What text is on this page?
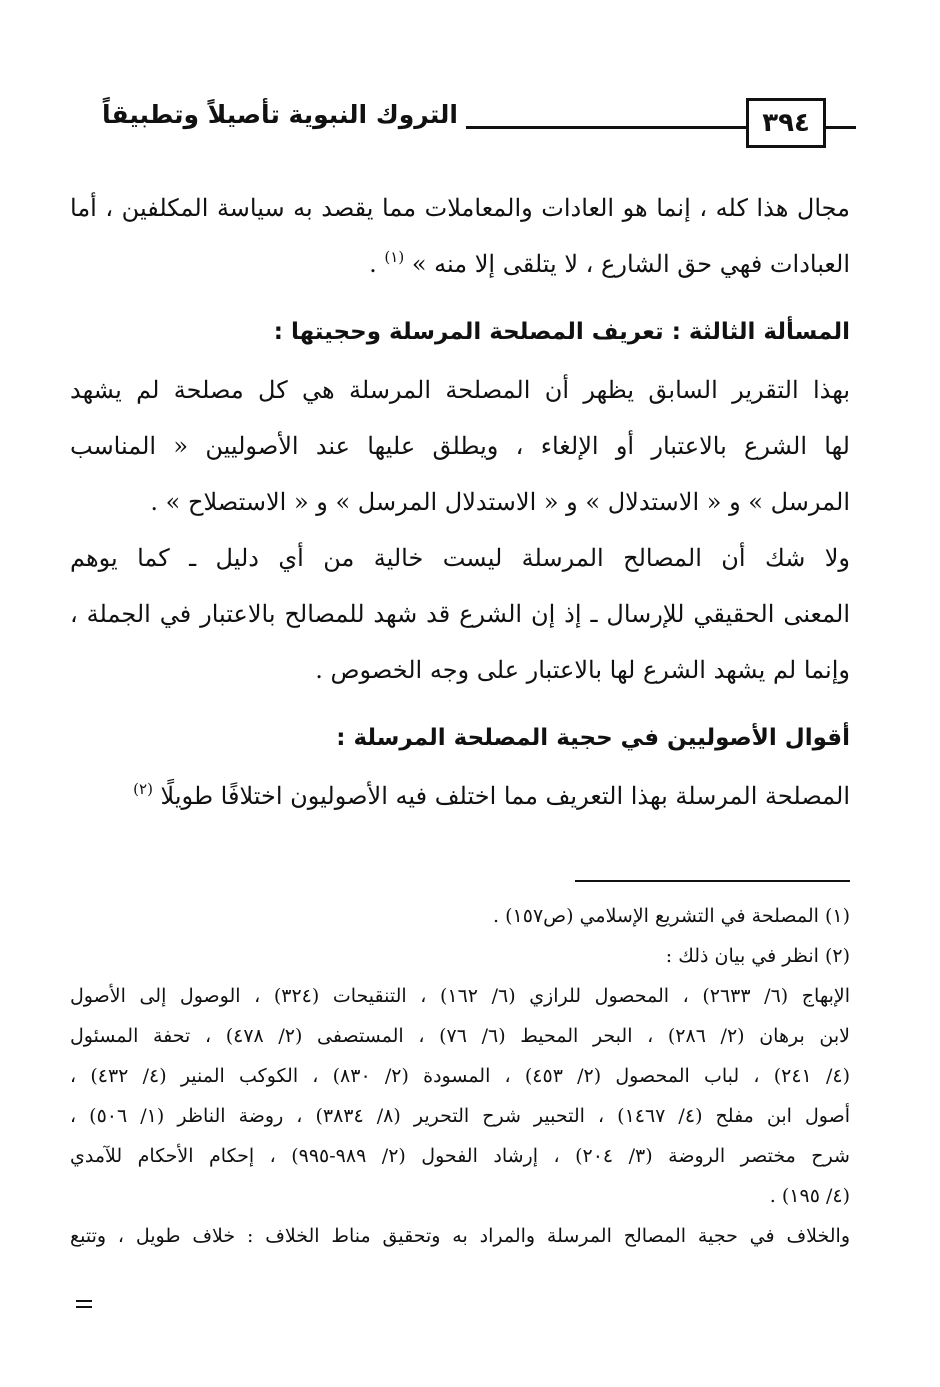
٣٩٤
التروك النبوية تأصيلاً وتطبيقاً
مجال هذا كله ، إنما هو العادات والمعاملات مما يقصد به سياسة المكلفين ، أما
العبادات فهي حق الشارع ، لا يتلقى إلا منه » $^{(١)}$ .
المسألة الثالثة : تعريف المصلحة المرسلة وحجيتها :
بهذا التقرير السابق يظهر أن المصلحة المرسلة هي كل مصلحة لم يشهد
لها الشرع بالاعتبار أو الإلغاء ، ويطلق عليها عند الأصوليين « المناسب
المرسل » و « الاستدلال » و « الاستدلال المرسل » و « الاستصلاح » .
ولا شك أن المصالح المرسلة ليست خالية من أي دليل ـ كما يوهم
المعنى الحقيقي للإرسال ـ إذ إن الشرع قد شهد للمصالح بالاعتبار في الجملة ،
وإنما لم يشهد الشرع لها بالاعتبار على وجه الخصوص .
أقوال الأصوليين في حجية المصلحة المرسلة :
المصلحة المرسلة بهذا التعريف مما اختلف فيه الأصوليون اختلافًا طويلًا $^{(٢)}$
(١) المصلحة في التشريع الإسلامي (ص١٥٧) .
(٢) انظر في بيان ذلك :
الإبهاج (٦/ ٢٦٣٣) ، المحصول للرازي (٦/ ١٦٢) ، التنقيحات (٣٢٤) ، الوصول إلى الأصول
لابن برهان (٢/ ٢٨٦) ، البحر المحيط (٦/ ٧٦) ، المستصفى (٢/ ٤٧٨) ، تحفة المسئول
(٤/ ٢٤١) ، لباب المحصول (٢/ ٤٥٣) ، المسودة (٢/ ٨٣٠) ، الكوكب المنير (٤/ ٤٣٢) ،
أصول ابن مفلح (٤/ ١٤٦٧) ، التحبير شرح التحرير (٨/ ٣٨٣٤) ، روضة الناظر (١/ ٥٠٦) ،
شرح مختصر الروضة (٣/ ٢٠٤) ، إرشاد الفحول (٢/ ٩٨٩-٩٩٥) ، إحكام الأحكام للآمدي
(٤/ ١٩٥) .
والخلاف في حجية المصالح المرسلة والمراد به وتحقيق مناط الخلاف : خلاف طويل ، وتتبع
